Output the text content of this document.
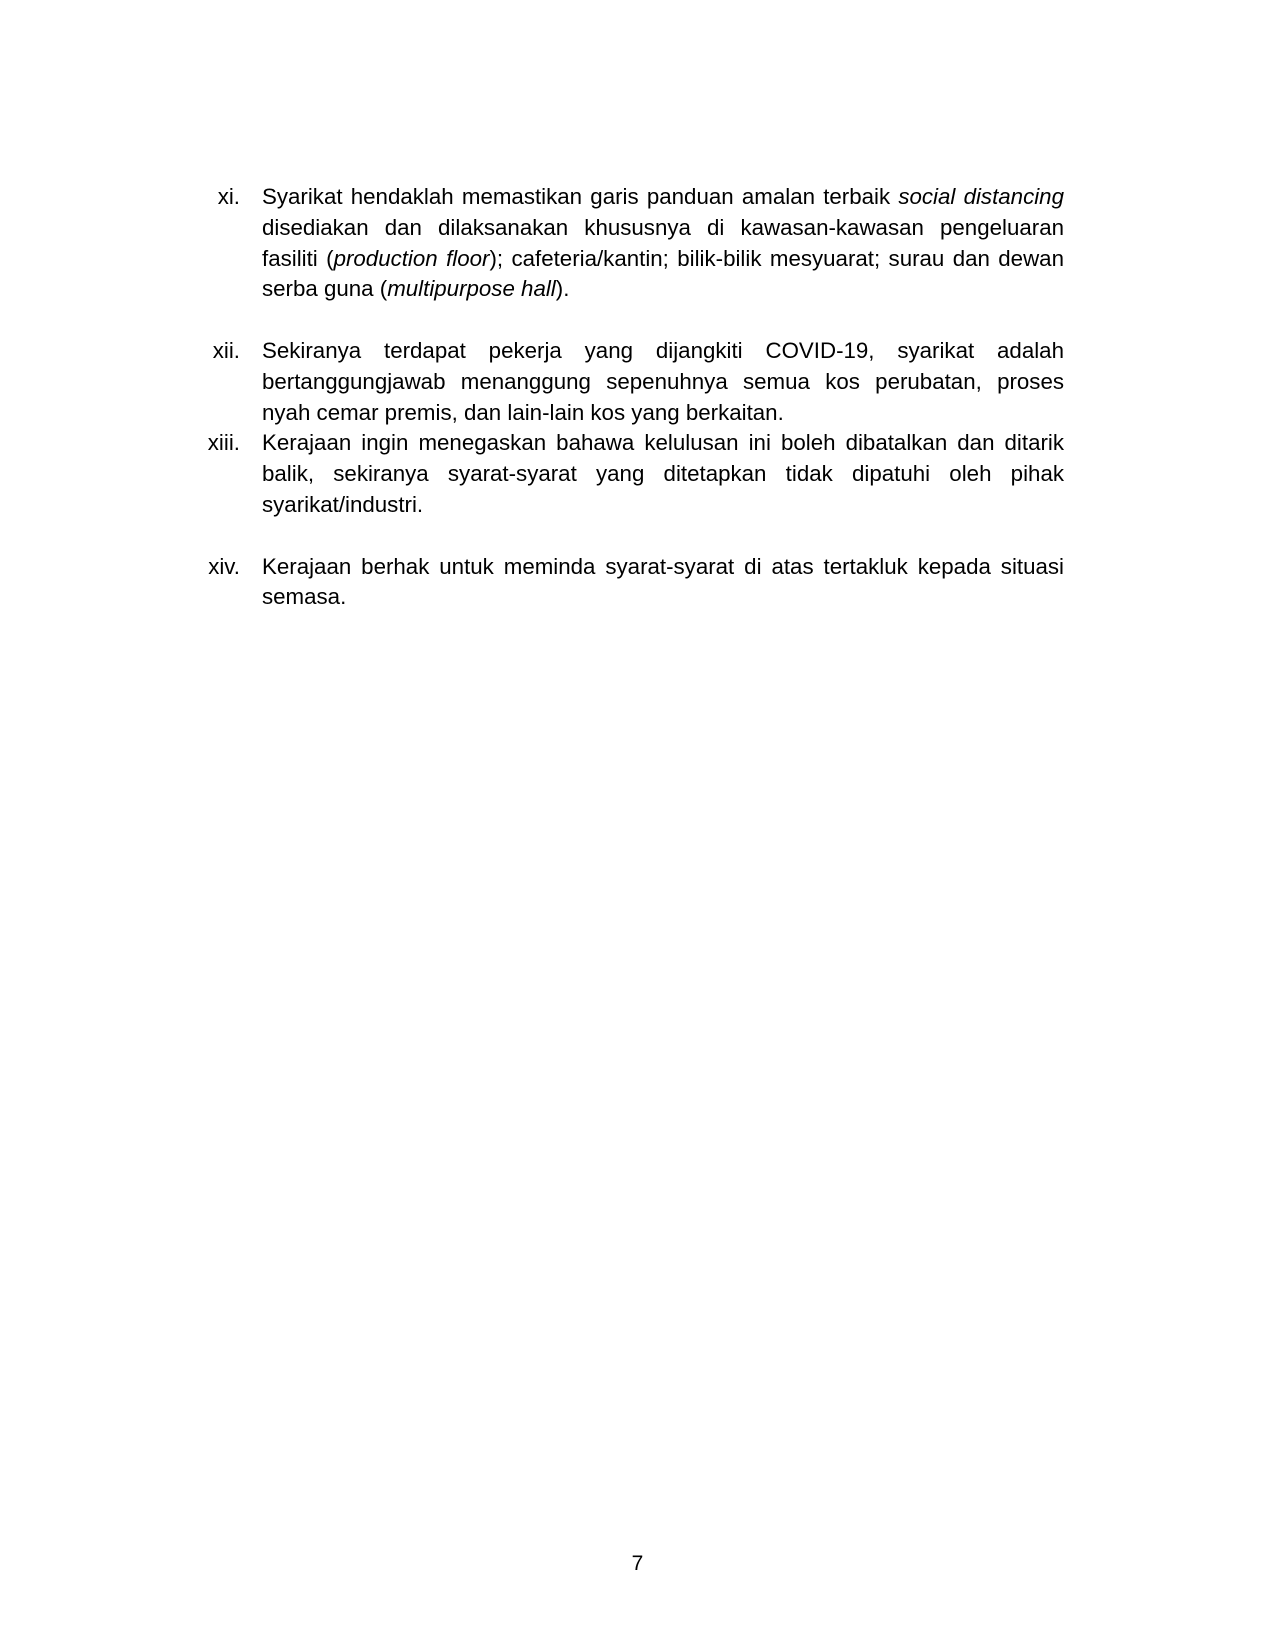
xi. Syarikat hendaklah memastikan garis panduan amalan terbaik social distancing disediakan dan dilaksanakan khususnya di kawasan-kawasan pengeluaran fasiliti (production floor); cafeteria/kantin; bilik-bilik mesyuarat; surau dan dewan serba guna (multipurpose hall).
xii. Sekiranya terdapat pekerja yang dijangkiti COVID-19, syarikat adalah bertanggungjawab menanggung sepenuhnya semua kos perubatan, proses nyah cemar premis, dan lain-lain kos yang berkaitan.
xiii. Kerajaan ingin menegaskan bahawa kelulusan ini boleh dibatalkan dan ditarik balik, sekiranya syarat-syarat yang ditetapkan tidak dipatuhi oleh pihak syarikat/industri.
xiv. Kerajaan berhak untuk meminda syarat-syarat di atas tertakluk kepada situasi semasa.
7
